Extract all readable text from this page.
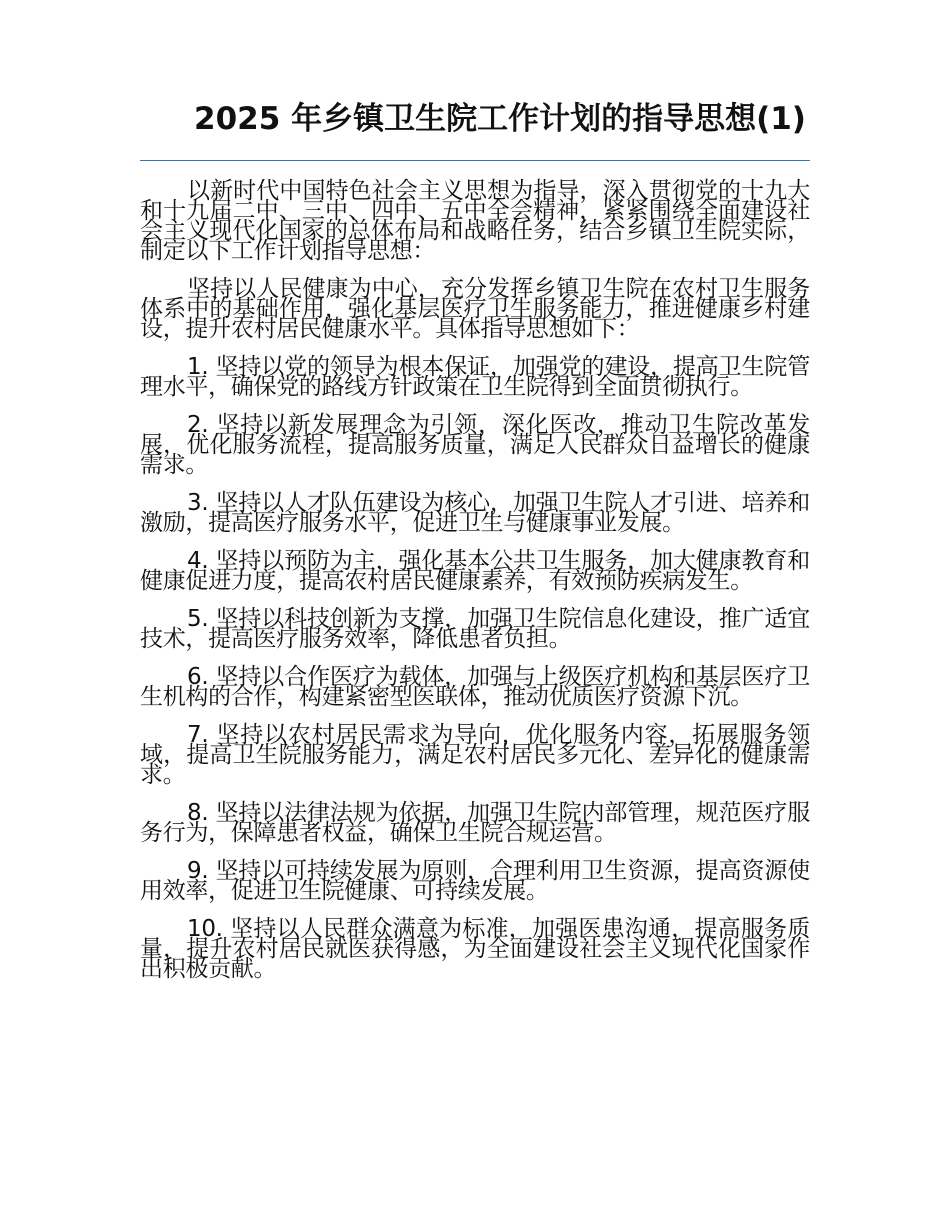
2025 年乡镇卫生院工作计划的指导思想(1)

以新时代中国特色社会主义思想为指导，深入贯彻党的十九大和十九届二中、三中、四中、五中全会精神，紧紧围绕全面建设社会主义现代化国家的总体布局和战略任务，结合乡镇卫生院实际，制定以下工作计划指导思想：

坚持以人民健康为中心，充分发挥乡镇卫生院在农村卫生服务体系中的基础作用，强化基层医疗卫生服务能力，推进健康乡村建设，提升农村居民健康水平。具体指导思想如下：

1. 坚持以党的领导为根本保证，加强党的建设，提高卫生院管理水平，确保党的路线方针政策在卫生院得到全面贯彻执行。

2. 坚持以新发展理念为引领，深化医改，推动卫生院改革发展，优化服务流程，提高服务质量，满足人民群众日益增长的健康需求。

3. 坚持以人才队伍建设为核心，加强卫生院人才引进、培养和激励，提高医疗服务水平，促进卫生与健康事业发展。

4. 坚持以预防为主，强化基本公共卫生服务，加大健康教育和健康促进力度，提高农村居民健康素养，有效预防疾病发生。

5. 坚持以科技创新为支撑，加强卫生院信息化建设，推广适宜技术，提高医疗服务效率，降低患者负担。

6. 坚持以合作医疗为载体，加强与上级医疗机构和基层医疗卫生机构的合作，构建紧密型医联体，推动优质医疗资源下沉。

7. 坚持以农村居民需求为导向，优化服务内容，拓展服务领域，提高卫生院服务能力，满足农村居民多元化、差异化的健康需求。

8. 坚持以法律法规为依据，加强卫生院内部管理，规范医疗服务行为，保障患者权益，确保卫生院合规运营。

9. 坚持以可持续发展为原则，合理利用卫生资源，提高资源使用效率，促进卫生院健康、可持续发展。

10. 坚持以人民群众满意为标准，加强医患沟通，提高服务质量，提升农村居民就医获得感，为全面建设社会主义现代化国家作出积极贡献。
